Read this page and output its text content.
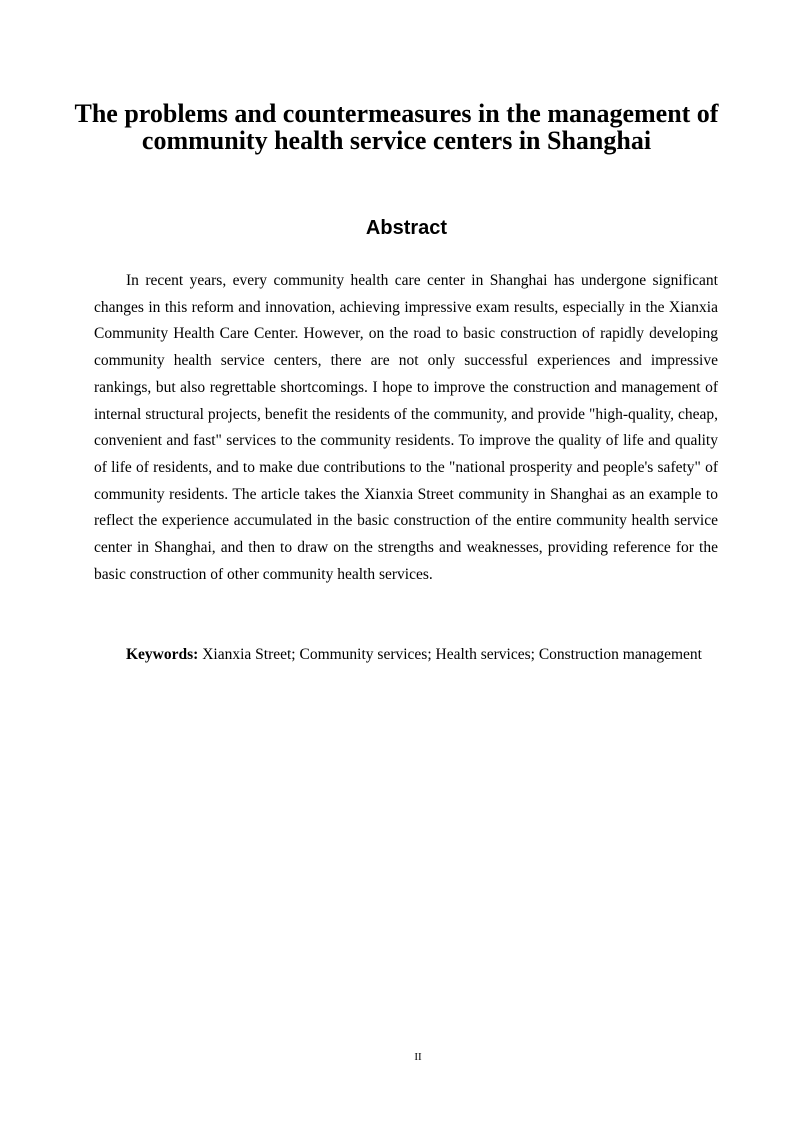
The problems and countermeasures in the management of community health service centers in Shanghai
Abstract

In recent years, every community health care center in Shanghai has undergone significant changes in this reform and innovation, achieving impressive exam results, especially in the Xianxia Community Health Care Center. However, on the road to basic construction of rapidly developing community health service centers, there are not only successful experiences and impressive rankings, but also regrettable shortcomings. I hope to improve the construction and management of internal structural projects, benefit the residents of the community, and provide "high-quality, cheap, convenient and fast" services to the community residents. To improve the quality of life and quality of life of residents, and to make due contributions to the "national prosperity and people's safety" of community residents. The article takes the Xianxia Street community in Shanghai as an example to reflect the experience accumulated in the basic construction of the entire community health service center in Shanghai, and then to draw on the strengths and weaknesses, providing reference for the basic construction of other community health services.

Keywords: Xianxia Street; Community services; Health services; Construction management

II
